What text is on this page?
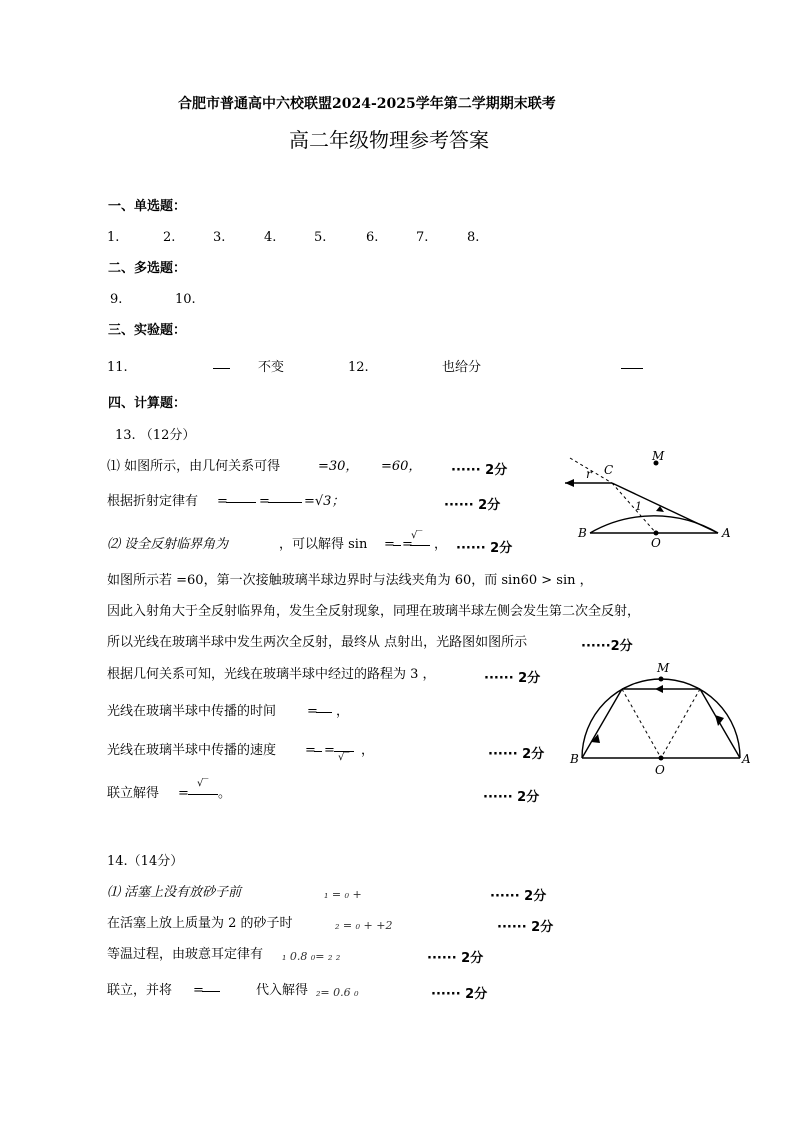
合肥市普通高中六校联盟2024-2025学年第二学期期末联考
高二年级物理参考答案
一、单选题：
1.	2.	3.	4.	5.	6.	7.	8.
二、多选题：
9.	10.
三、实验题：
11.	不变	12.	也给分
四、计算题：
13. （12分）
⑴ 如图所示，由几何关系可得	=30， =60， ······ 2分
根据折射定律有 = =	=√3；	······ 2分
⑵ 设全反射临界角为	，可以解得 sin = =
√‾
， ······ 2分
如图所示若 =60，第一次接触玻璃半球边界时与法线夹角为 60，而 sin60 > sin ，
因此入射角大于全反射临界角，发生全反射现象，同理在玻璃半球左侧会发生第二次全反射，
所以光线在玻璃半球中发生两次全反射，最终从 点射出，光路图如图所示	······2分
根据几何关系可知，光线在玻璃半球中经过的路程为 3 ，	······ 2分
光线在玻璃半球中传播的时间 = ，
光线在玻璃半球中传播的速度 = = √‾ ，	······ 2分
联立解得 =
√‾
。	······ 2分
14.（14分）
⑴ 活塞上没有放砂子前	₁ = ₀ +	······ 2分
在活塞上放上质量为 2 的砂子时	₂ = ₀ + +2	······ 2分
等温过程，由玻意耳定律有 ₁ 0.8 ₀= ₂ ₂	······ 2分
联立，并将 =	代入解得 ₂= 0.6 ₀	······ 2分
C
M
r
1
B
O
A
M
B
O
A
